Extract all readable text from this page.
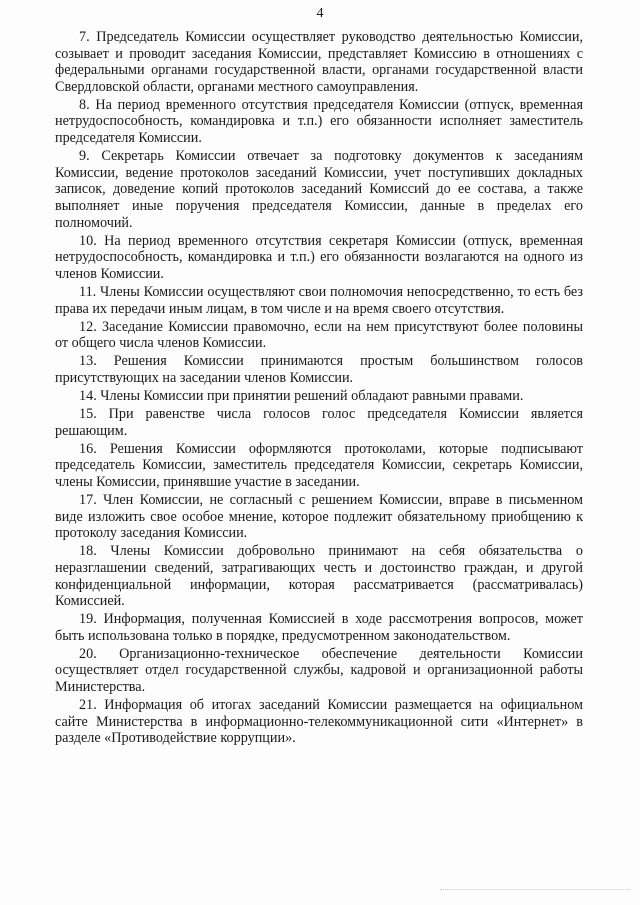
4

7. Председатель Комиссии осуществляет руководство деятельностью Комиссии, созывает и проводит заседания Комиссии, представляет Комиссию в отношениях с федеральными органами государственной власти, органами государственной власти Свердловской области, органами местного самоуправления.

8. На период временного отсутствия председателя Комиссии (отпуск, временная нетрудоспособность, командировка и т.п.) его обязанности исполняет заместитель председателя Комиссии.

9. Секретарь Комиссии отвечает за подготовку документов к заседаниям Комиссии, ведение протоколов заседаний Комиссии, учет поступивших докладных записок, доведение копий протоколов заседаний Комиссий до ее состава, а также выполняет иные поручения председателя Комиссии, данные в пределах его полномочий.

10. На период временного отсутствия секретаря Комиссии (отпуск, временная нетрудоспособность, командировка и т.п.) его обязанности возлагаются на одного из членов Комиссии.

11. Члены Комиссии осуществляют свои полномочия непосредственно, то есть без права их передачи иным лицам, в том числе и на время своего отсутствия.

12. Заседание Комиссии правомочно, если на нем присутствуют более половины от общего числа членов Комиссии.

13. Решения Комиссии принимаются простым большинством голосов присутствующих на заседании членов Комиссии.

14. Члены Комиссии при принятии решений обладают равными правами.

15. При равенстве числа голосов голос председателя Комиссии является решающим.

16. Решения Комиссии оформляются протоколами, которые подписывают председатель Комиссии, заместитель председателя Комиссии, секретарь Комиссии, члены Комиссии, принявшие участие в заседании.

17. Член Комиссии, не согласный с решением Комиссии, вправе в письменном виде изложить свое особое мнение, которое подлежит обязательному приобщению к протоколу заседания Комиссии.

18. Члены Комиссии добровольно принимают на себя обязательства о неразглашении сведений, затрагивающих честь и достоинство граждан, и другой конфиденциальной информации, которая рассматривается (рассматривалась) Комиссией.

19. Информация, полученная Комиссией в ходе рассмотрения вопросов, может быть использована только в порядке, предусмотренном законодательством.

20. Организационно-техническое обеспечение деятельности Комиссии осуществляет отдел государственной службы, кадровой и организационной работы Министерства.

21. Информация об итогах заседаний Комиссии размещается на официальном сайте Министерства в информационно-телекоммуникационной сити «Интернет» в разделе «Противодействие коррупции».
